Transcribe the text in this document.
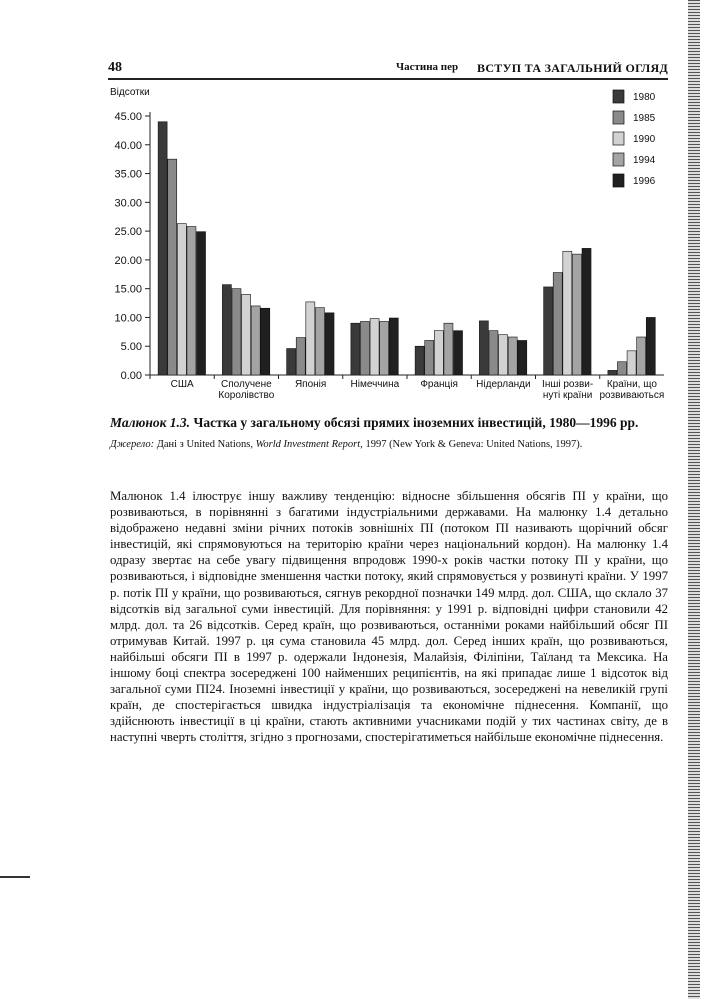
48	Частина пер ВСТУП ТА ЗАГАЛЬНИЙ ОГЛЯД
45.00
40.00
35.00
30.00
25.00
20.00
15.00
10.00
5.00
0.00
Відсотки
США	Сполучене
Королівство
Японія Німеччина Франція Нідерланди Інші розви-
нуті країни
Країни, що
розвиваються
1980
1985
1990
1994
1996
Малюнок 1.3. Частка у загальному обсязі прямих іноземних інвестицій, 1980—1996 рр.
Джерело: Дані з United Nations, World Investment Report, 1997 (New York & Geneva: United Nations, 1997).

Малюнок 1.4 ілюструє іншу важливу тенденцію: відносне збільшення обсягів ПІ у країни, що розвиваються, в порівнянні з багатими індустріальними державами. На малюнку 1.4 детально відображено недавні зміни річних потоків зовнішніх ПІ (потоком ПІ називають щорічний обсяг інвестицій, які спрямовуються на територію країни через національний кордон). На малюнку 1.4 одразу звертає на себе увагу підвищення впродовж 1990-х років частки потоку ПІ у країни, що розвиваються, і відповідне зменшення частки потоку, який спрямовується у розвинуті країни. У 1997 р. потік ПІ у країни, що розвиваються, сягнув рекордної позначки 149 млрд. дол. США, що склало 37 відсотків від загальної суми інвестицій. Для порівняння: у 1991 р. відповідні цифри становили 42 млрд. дол. та 26 відсотків. Серед країн, що розвиваються, останніми роками найбільший обсяг ПІ отримував Китай. 1997 р. ця сума становила 45 млрд. дол. Серед інших країн, що розвиваються, найбільші обсяги ПІ в 1997 р. одержали Індонезія, Малайзія, Філіпіни, Таїланд та Мексика. На іншому боці спектра зосереджені 100 найменших реципієнтів, на які припадає лише 1 відсоток від загальної суми ПІ24. Іноземні інвестиції у країни, що розвиваються, зосереджені на невеликій групі країн, де спостерігається швидка індустріалізація та економічне піднесення. Компанії, що здійснюють інвестиції в ці країни, стають активними учасниками подій у тих частинах світу, де в наступні чверть століття, згідно з прогнозами, спостерігатиметься найбільше економічне піднесення.
